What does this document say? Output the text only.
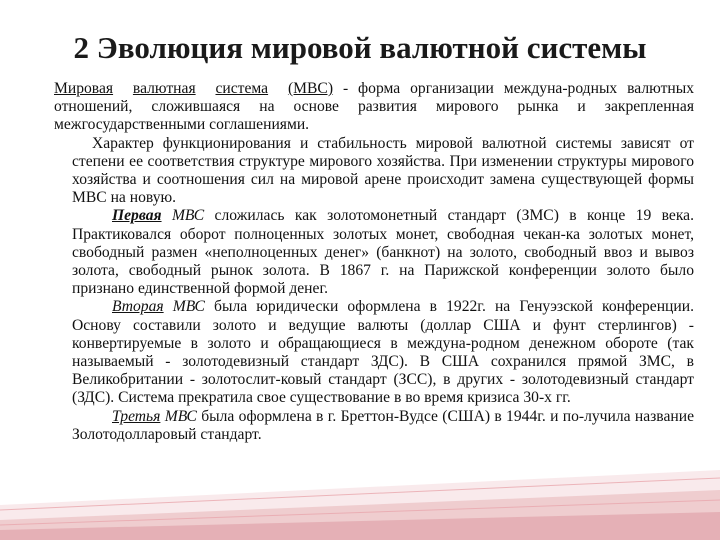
2 Эволюция мировой валютной системы

Мировая валютная система (МВС) - форма организации междуна-родных валютных отношений, сложившаяся на основе развития мирового рынка и закрепленная межгосударственными соглашениями.

Характер функционирования и стабильность мировой валютной системы зависят от степени ее соответствия структуре мирового хозяйства. При изменении структуры мирового хозяйства и соотношения сил на мировой арене происходит замена существующей формы МВС на новую.

Первая МВС сложилась как золотомонетный стандарт (ЗМС) в конце 19 века. Практиковался оборот полноценных золотых монет, свободная чекан-ка золотых монет, свободный размен «неполноценных денег» (банкнот) на золото, свободный ввоз и вывоз золота, свободный рынок золота. В 1867 г. на Парижской конференции золото было признано единственной формой денег.

Вторая МВС была юридически оформлена в 1922г. на Генуэзской конференции. Основу составили золото и ведущие валюты (доллар США и фунт стерлингов) - конвертируемые в золото и обращающиеся в междуна-родном денежном обороте (так называемый - золотодевизный стандарт ЗДС). В США сохранился прямой ЗМС, в Великобритании - золотослит-ковый стандарт (ЗСС), в других - золотодевизный стандарт (ЗДС). Система прекратила свое существование в во время кризиса 30-х гг.

Третья МВС была оформлена в г. Бреттон-Вудсе (США) в 1944г. и по-лучила название Золотодолларовый стандарт.
